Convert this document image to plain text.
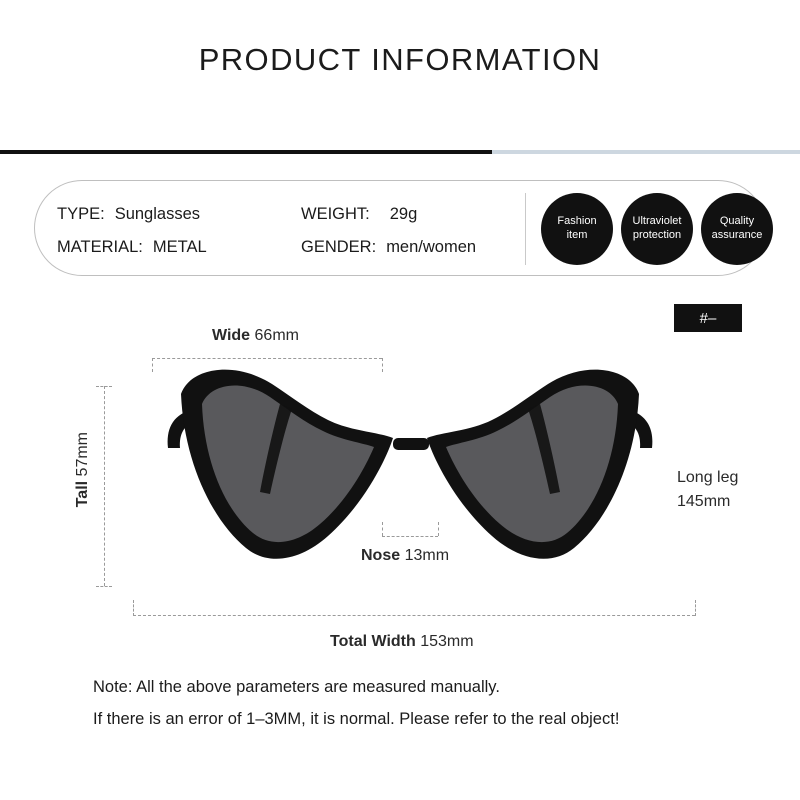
PRODUCT INFORMATION
TYPE: Sunglasses
MATERIAL: METAL
WEIGHT: 29g
GENDER: men/women
Fashion item
Ultraviolet protection
Quality assurance
#–
Wide 66mm
Tall 57mm
Nose 13mm
Long leg
145mm
Total Width 153mm
Note: All the above parameters are measured manually.
If there is an error of 1–3MM, it is normal. Please refer to the real object!
